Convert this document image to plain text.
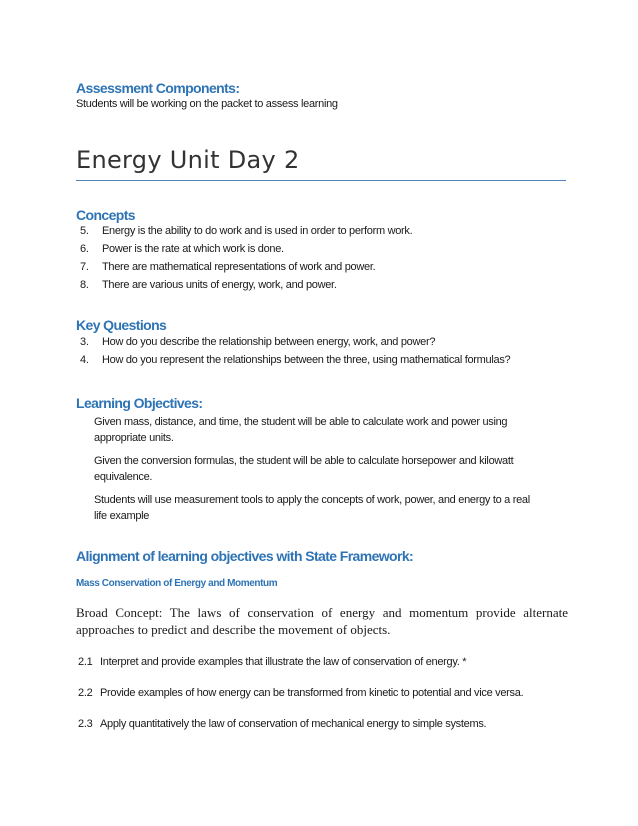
Assessment Components:

Students will be working on the packet to assess learning

Energy Unit Day 2
Concepts
5.	Energy is the ability to do work and is used in order to perform work.
6.	Power is the rate at which work is done.
7.	There are mathematical representations of work and power.
8.	There are various units of energy, work, and power.
Key Questions
3.	How do you describe the relationship between energy, work, and power?
4.	How do you represent the relationships between the three, using mathematical formulas?
Learning Objectives:

Given mass, distance, and time, the student will be able to calculate work and power using appropriate units.

Given the conversion formulas, the student will be able to calculate horsepower and kilowatt equivalence.

Students will use measurement tools to apply the concepts of work, power, and energy to a real life example

Alignment of learning objectives with State Framework:

Mass Conservation of Energy and Momentum

Broad Concept: The laws of conservation of energy and momentum provide alternate approaches to predict and describe the movement of objects.

2.1 Interpret and provide examples that illustrate the law of conservation of energy. *

2.2 Provide examples of how energy can be transformed from kinetic to potential and vice versa.

2.3 Apply quantitatively the law of conservation of mechanical energy to simple systems.
